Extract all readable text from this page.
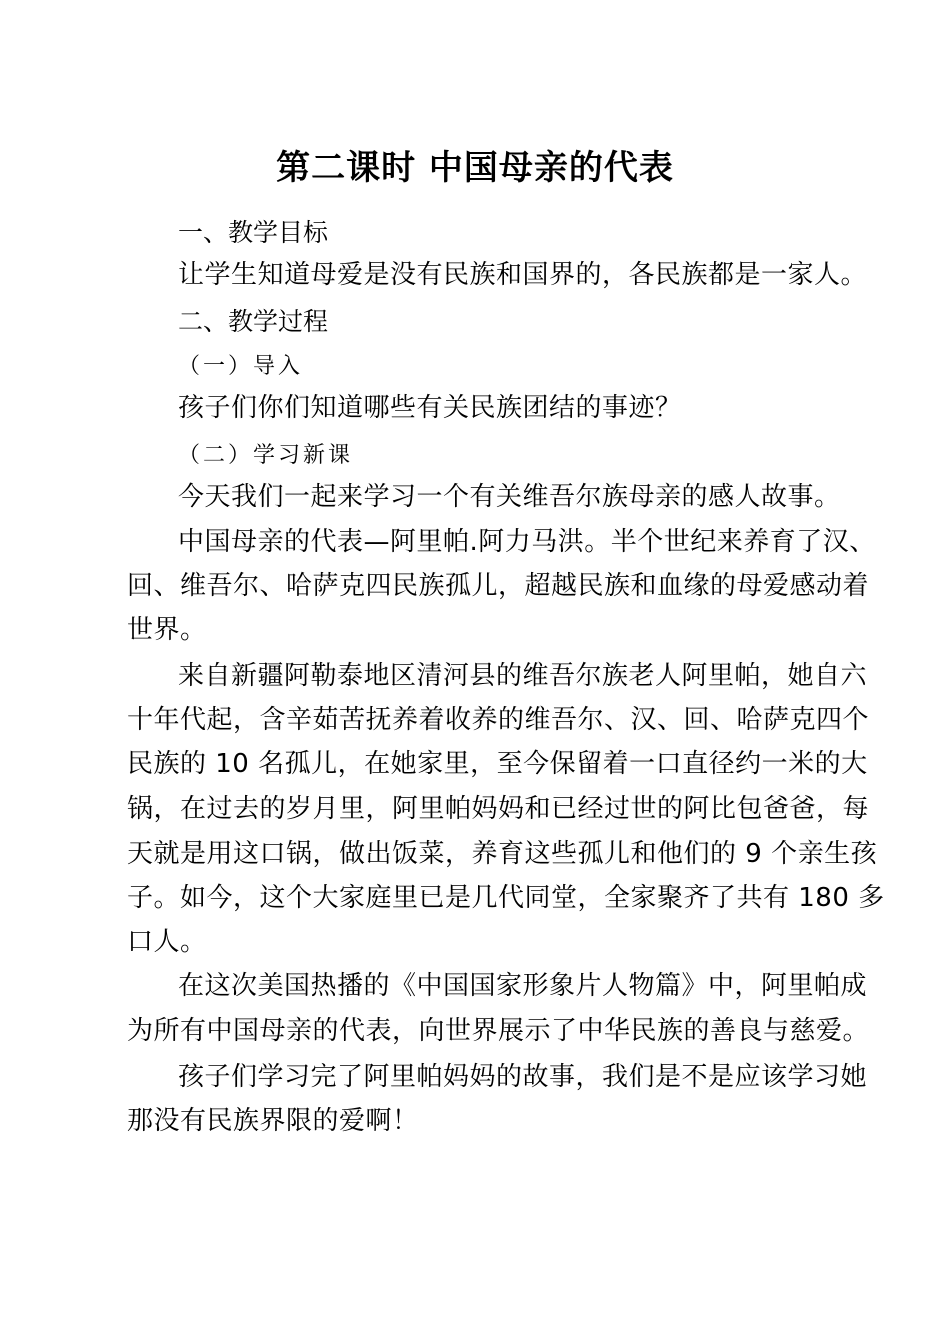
第二课时 中国母亲的代表
一、教学目标
让学生知道母爱是没有民族和国界的，各民族都是一家人。
二、教学过程
（一）导入
孩子们你们知道哪些有关民族团结的事迹？
（二）学习新课
今天我们一起来学习一个有关维吾尔族母亲的感人故事。
中国母亲的代表—阿里帕.阿力马洪。半个世纪来养育了汉、
回、维吾尔、哈萨克四民族孤儿，超越民族和血缘的母爱感动着
世界。
来自新疆阿勒泰地区清河县的维吾尔族老人阿里帕，她自六
十年代起，含辛茹苦抚养着收养的维吾尔、汉、回、哈萨克四个
民族的 10 名孤儿，在她家里，至今保留着一口直径约一米的大
锅，在过去的岁月里，阿里帕妈妈和已经过世的阿比包爸爸，每
天就是用这口锅，做出饭菜，养育这些孤儿和他们的 9 个亲生孩
子。如今，这个大家庭里已是几代同堂，全家聚齐了共有 180 多
口人。
在这次美国热播的《中国国家形象片人物篇》中，阿里帕成
为所有中国母亲的代表，向世界展示了中华民族的善良与慈爱。
孩子们学习完了阿里帕妈妈的故事，我们是不是应该学习她
那没有民族界限的爱啊！
